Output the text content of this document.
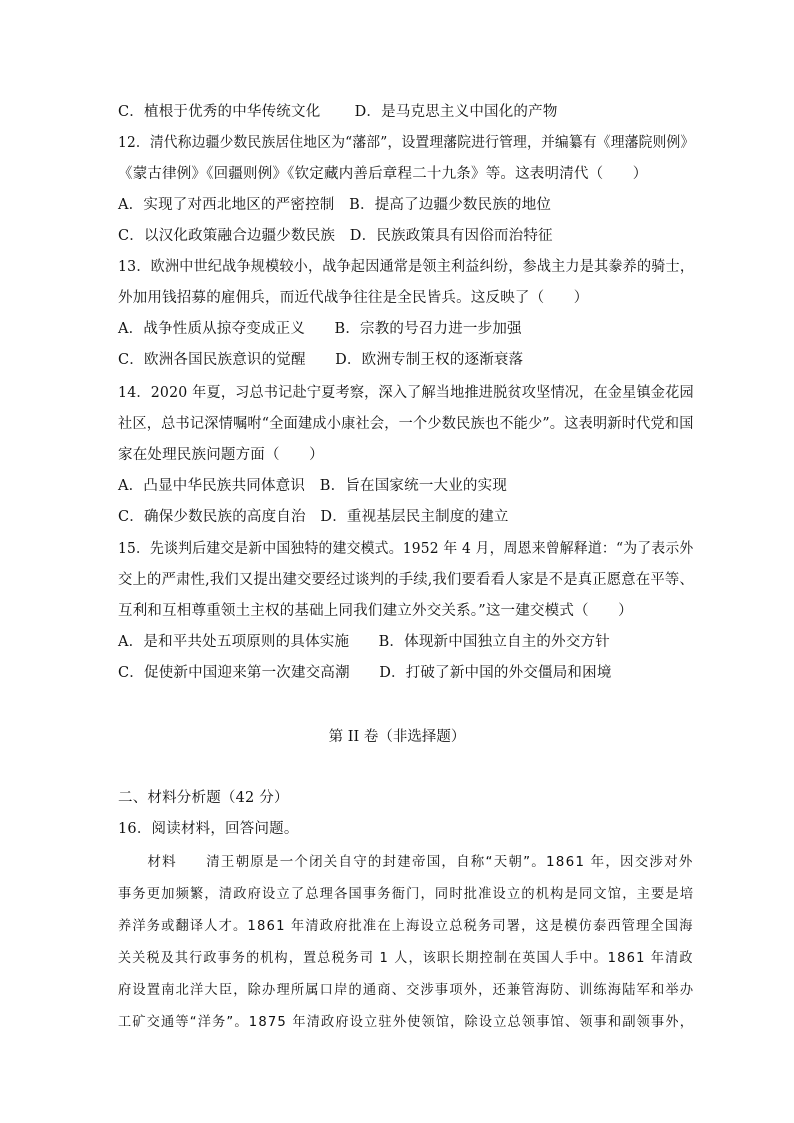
C．植根于优秀的中华传统文化　　 D．是马克思主义中国化的产物
12．清代称边疆少数民族居住地区为“藩部”，设置理藩院进行管理，并编纂有《理藩院则例》
《蒙古律例》《回疆则例》《钦定藏内善后章程二十九条》等。这表明清代（　　）
A．实现了对西北地区的严密控制　B．提高了边疆少数民族的地位
C．以汉化政策融合边疆少数民族　D．民族政策具有因俗而治特征
13．欧洲中世纪战争规模较小，战争起因通常是领主利益纠纷，参战主力是其豢养的骑士，
外加用钱招募的雇佣兵，而近代战争往往是全民皆兵。这反映了（　　）
A．战争性质从掠夺变成正义　　B．宗教的号召力进一步加强
C．欧洲各国民族意识的觉醒　　D．欧洲专制王权的逐渐衰落
14．2020 年夏，习总书记赴宁夏考察，深入了解当地推进脱贫攻坚情况，在金星镇金花园
社区，总书记深情嘱咐“全面建成小康社会，一个少数民族也不能少”。这表明新时代党和国
家在处理民族问题方面（　　）
A．凸显中华民族共同体意识　B．旨在国家统一大业的实现
C．确保少数民族的高度自治　D．重视基层民主制度的建立
15．先谈判后建交是新中国独特的建交模式。1952 年 4 月，周恩来曾解释道：“为了表示外
交上的严肃性,我们又提出建交要经过谈判的手续,我们要看看人家是不是真正愿意在平等、
互利和互相尊重领土主权的基础上同我们建立外交关系。”这一建交模式（　　）
A．是和平共处五项原则的具体实施　　B．体现新中国独立自主的外交方针
C．促使新中国迎来第一次建交高潮　　D．打破了新中国的外交僵局和困境
第 II 卷（非选择题）
二、材料分析题（42 分）
16．阅读材料，回答问题。
　　材料　　清王朝原是一个闭关自守的封建帝国，自称“天朝”。1861 年，因交涉对外
事务更加频繁，清政府设立了总理各国事务衙门，同时批准设立的机构是同文馆，主要是培
养洋务或翻译人才。1861 年清政府批准在上海设立总税务司署，这是模仿泰西管理全国海
关关税及其行政事务的机构，置总税务司 1 人，该职长期控制在英国人手中。1861 年清政
府设置南北洋大臣，除办理所属口岸的通商、交涉事项外，还兼管海防、训练海陆军和举办
工矿交通等“洋务”。1875 年清政府设立驻外使领馆，除设立总领事馆、领事和副领事外，
